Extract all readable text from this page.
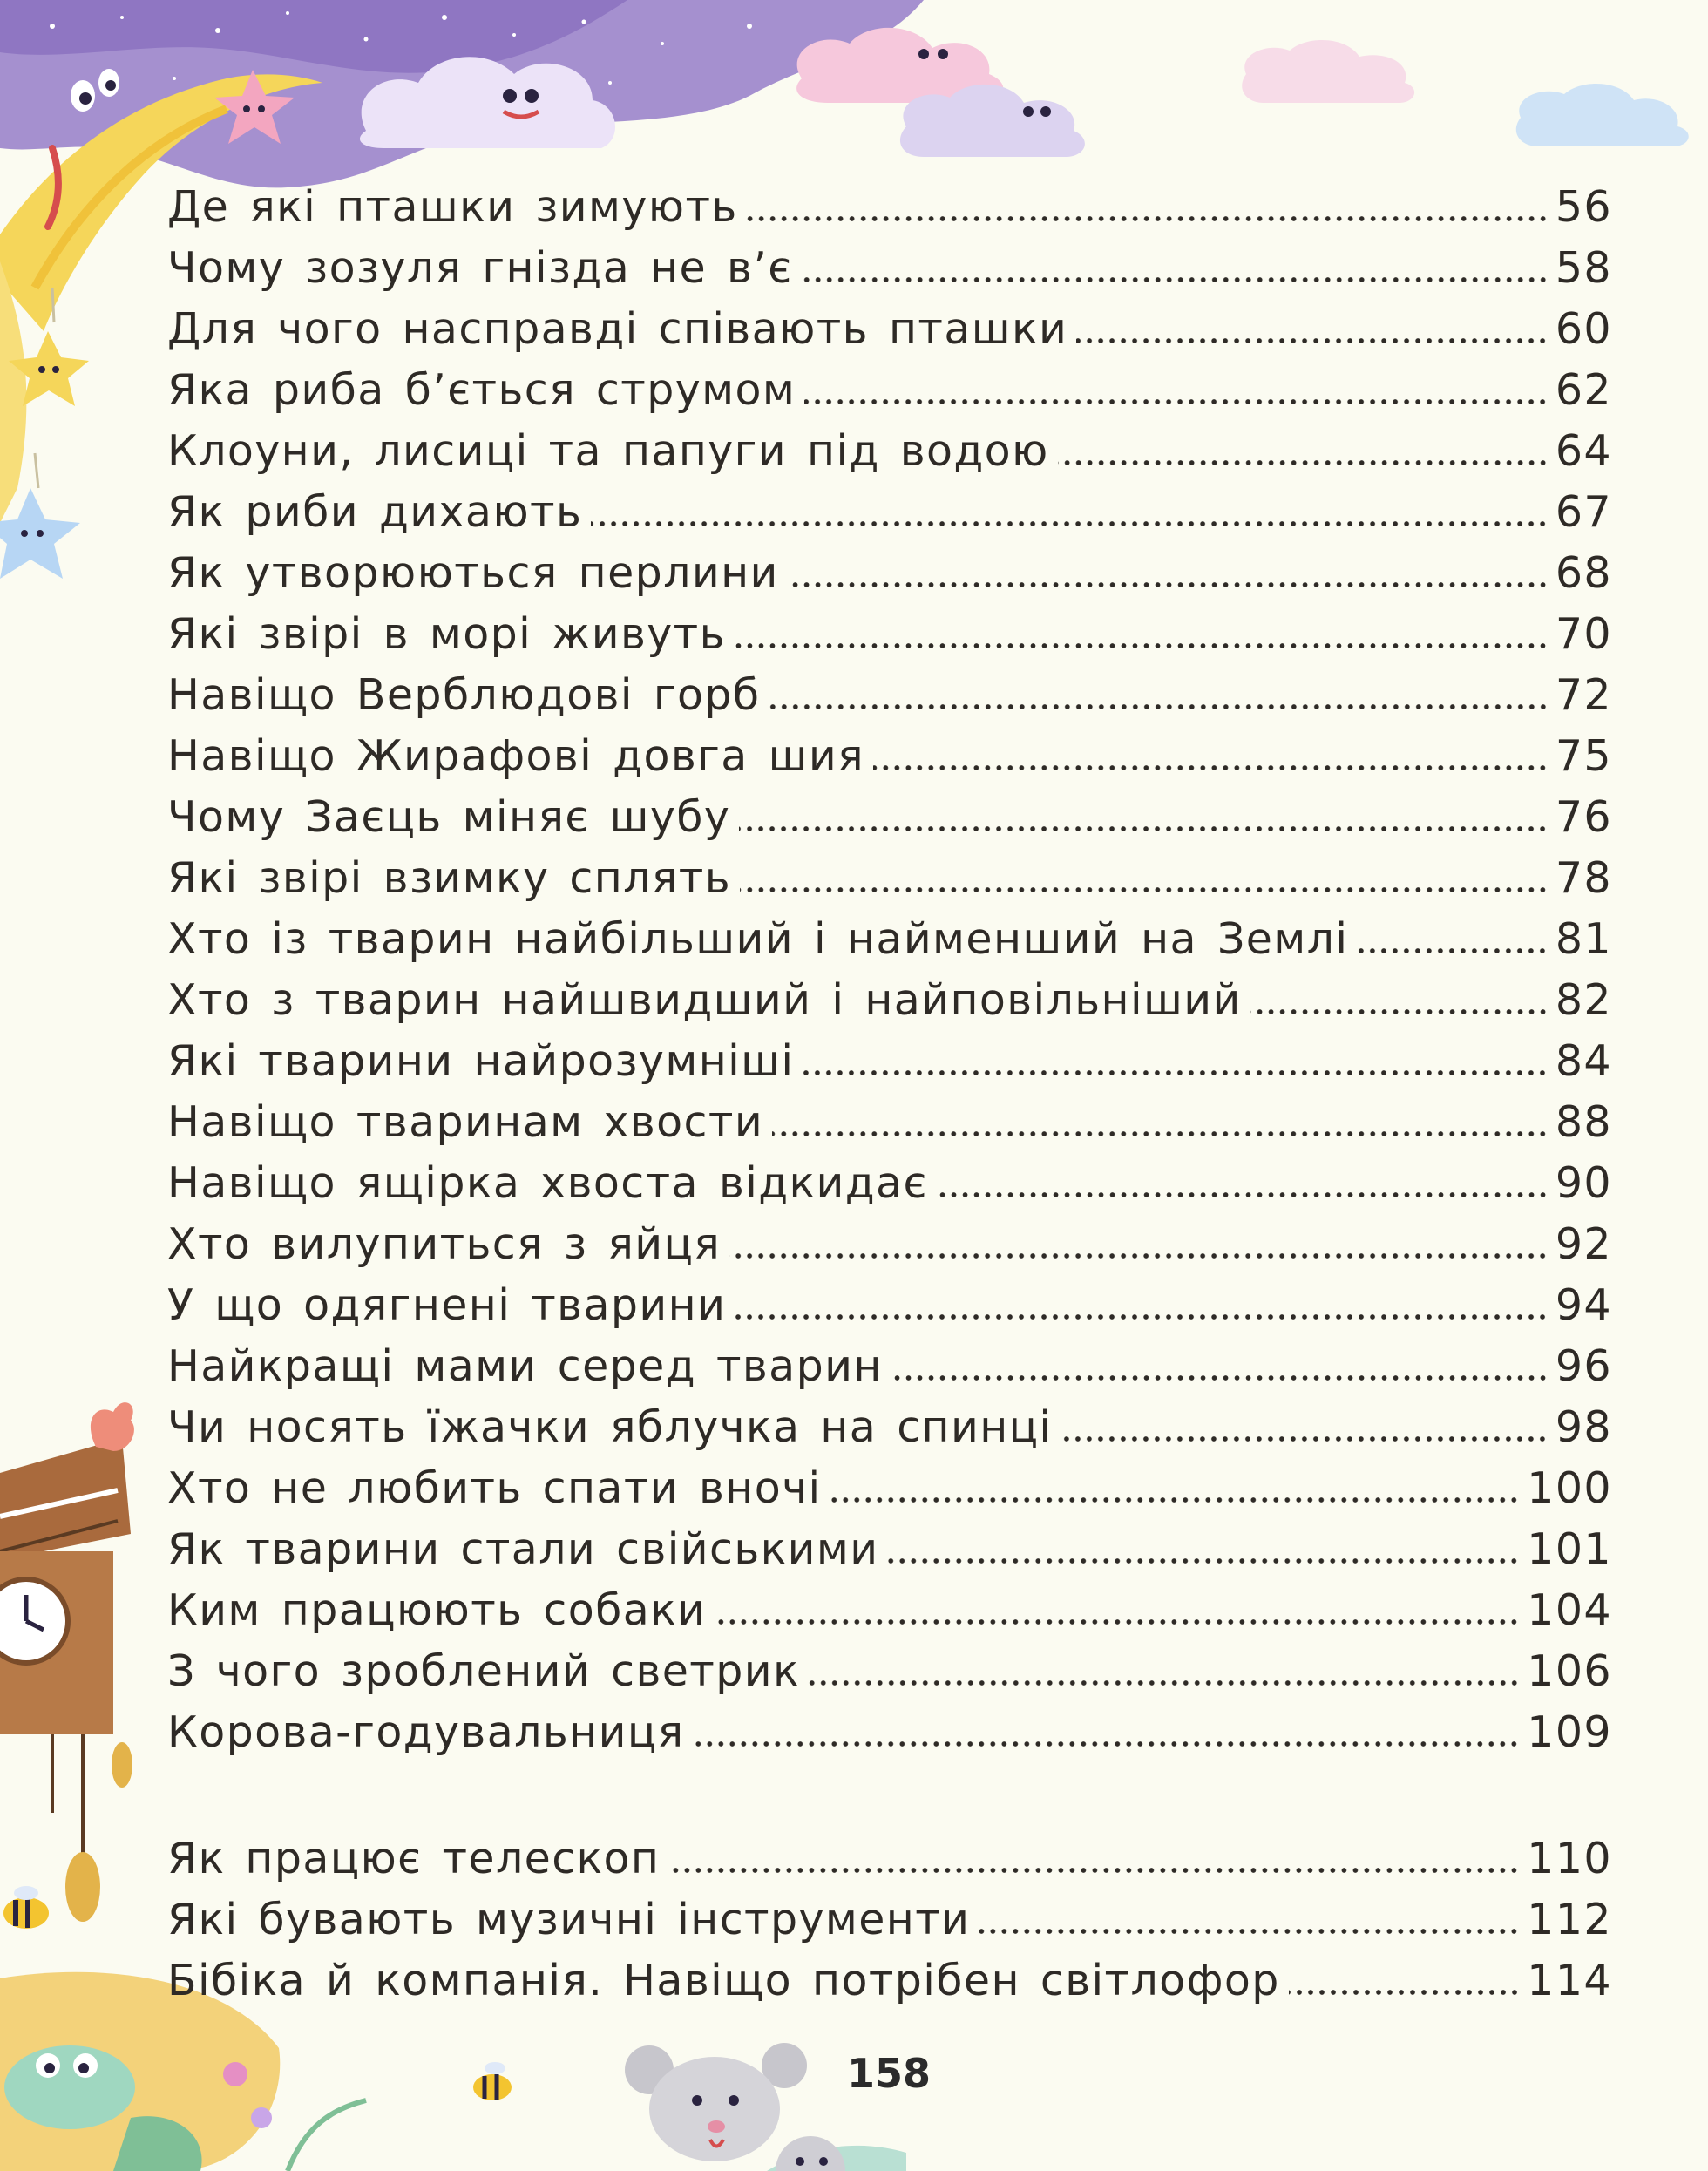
Де які пташки зимують	56
Чому зозуля гнізда не в’є	58
Для чого насправді співають пташки	60
Яка риба б’ється струмом	62
Клоуни, лисиці та папуги під водою	64
Як риби дихають	67
Як утворюються перлини	68
Які звірі в морі живуть	70
Навіщо Верблюдові горб	72
Навіщо Жирафові довга шия	75
Чому Заєць міняє шубу	76
Які звірі взимку сплять	78
Хто із тварин найбільший і найменший на Землі	81
Хто з тварин найшвидший і найповільніший	82
Які тварини найрозумніші	84
Навіщо тваринам хвости	88
Навіщо ящірка хвоста відкидає	90
Хто вилупиться з яйця	92
У що одягнені тварини	94
Найкращі мами серед тварин	96
Чи носять їжачки яблучка на спинці	98
Хто не любить спати вночі	100
Як тварини стали свійськими	101
Ким працюють собаки	104
З чого зроблений светрик	106
Корова-годувальниця	109
Як працює телескоп	110
Які бувають музичні інструменти	112
Бібіка й компанія. Навіщо потрібен світлофор	114
158
